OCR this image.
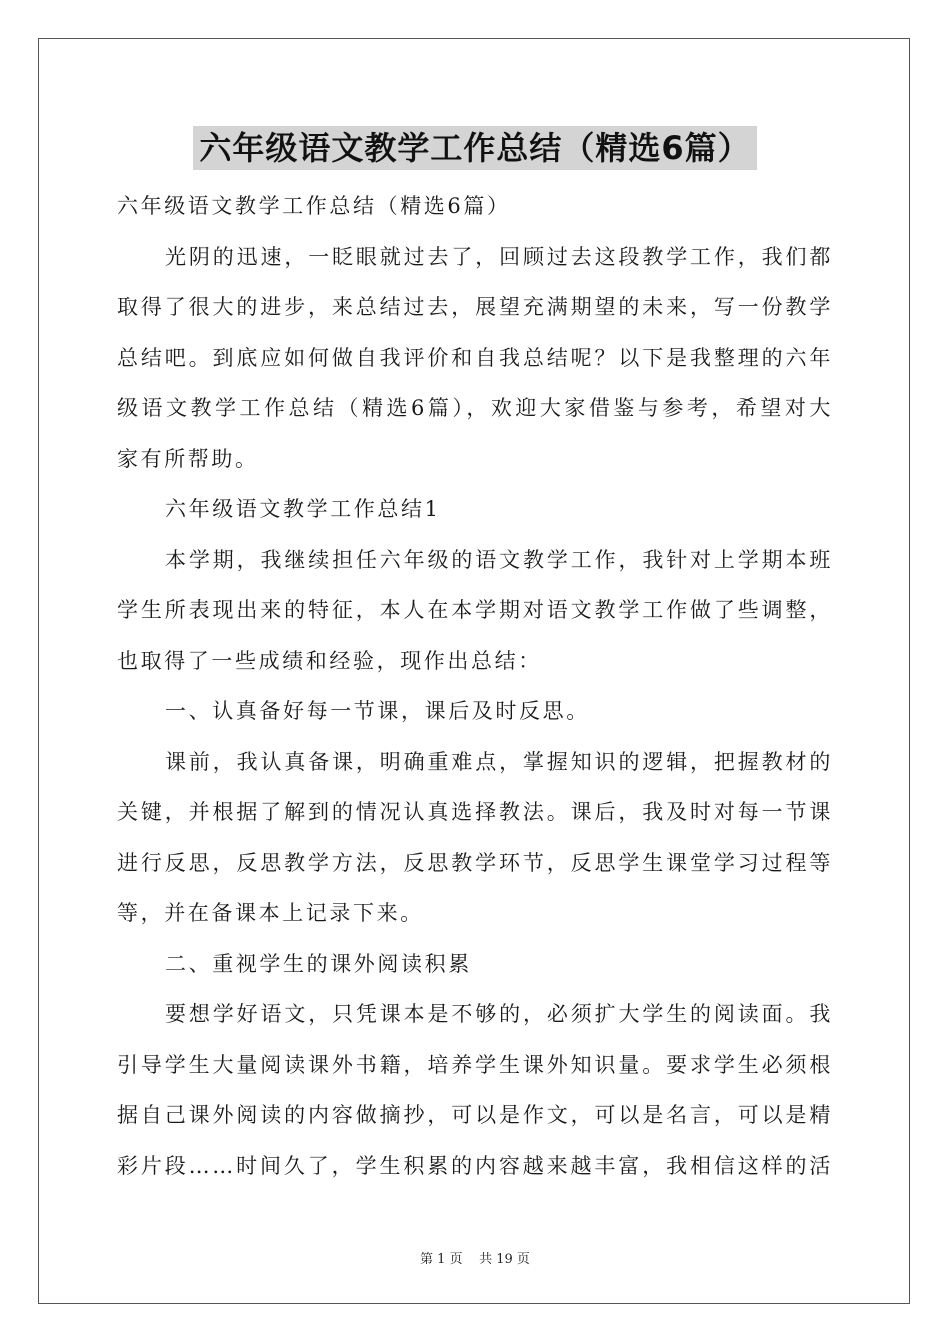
六年级语文教学工作总结（精选6篇）
六年级语文教学工作总结（精选6篇）
光阴的迅速，一眨眼就过去了，回顾过去这段教学工作，我们都
取得了很大的进步，来总结过去，展望充满期望的未来，写一份教学
总结吧。到底应如何做自我评价和自我总结呢？以下是我整理的六年
级语文教学工作总结（精选6篇），欢迎大家借鉴与参考，希望对大
家有所帮助。
六年级语文教学工作总结1
本学期，我继续担任六年级的语文教学工作，我针对上学期本班
学生所表现出来的特征，本人在本学期对语文教学工作做了些调整，
也取得了一些成绩和经验，现作出总结：
一、认真备好每一节课，课后及时反思。
课前，我认真备课，明确重难点，掌握知识的逻辑，把握教材的
关键，并根据了解到的情况认真选择教法。课后，我及时对每一节课
进行反思，反思教学方法，反思教学环节，反思学生课堂学习过程等
等，并在备课本上记录下来。
二、重视学生的课外阅读积累
要想学好语文，只凭课本是不够的，必须扩大学生的阅读面。我
引导学生大量阅读课外书籍，培养学生课外知识量。要求学生必须根
据自己课外阅读的内容做摘抄，可以是作文，可以是名言，可以是精
彩片段……时间久了，学生积累的内容越来越丰富，我相信这样的活
第 1 页 共 19 页
